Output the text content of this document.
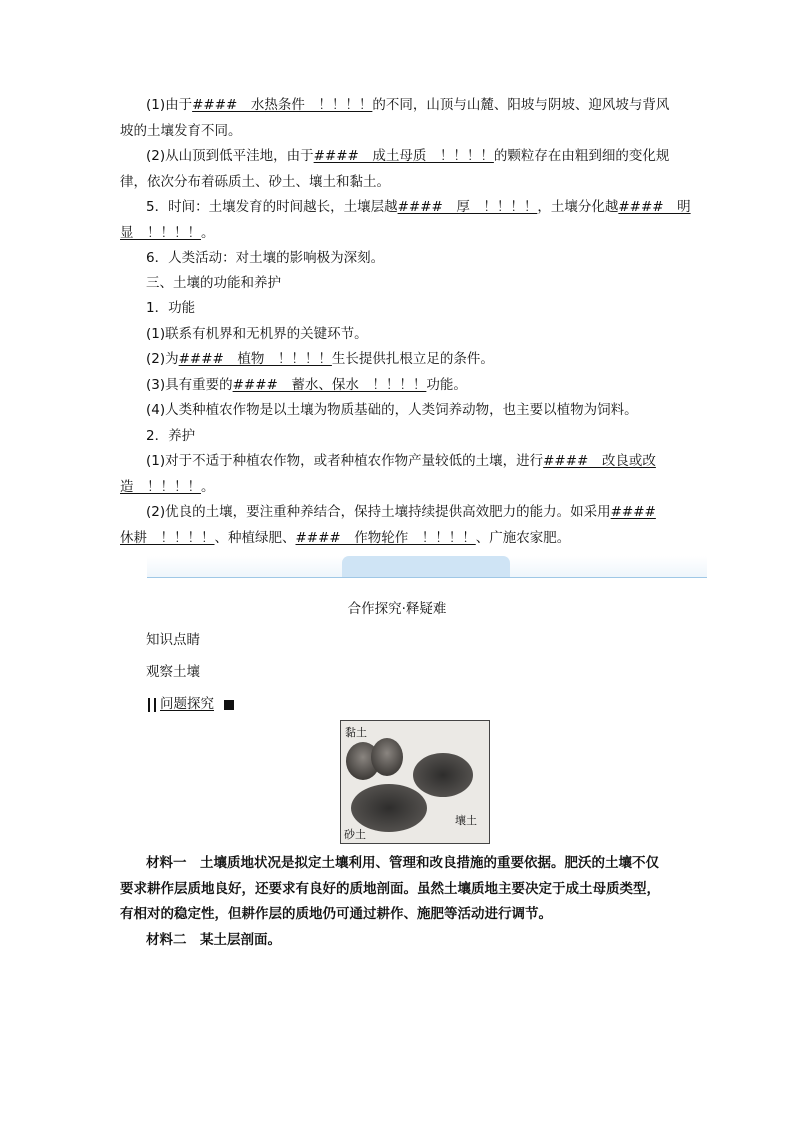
(1)由于####　水热条件　！！！！的不同，山顶与山麓、阳坡与阴坡、迎风坡与背风
坡的土壤发育不同。
(2)从山顶到低平洼地，由于####　成土母质　！！！！的颗粒存在由粗到细的变化规
律，依次分布着砾质土、砂土、壤土和黏土。
5．时间：土壤发育的时间越长，土壤层越####　厚　！！！！，土壤分化越####　明
显　！！！！。
6．人类活动：对土壤的影响极为深刻。
三、土壤的功能和养护
1．功能
(1)联系有机界和无机界的关键环节。
(2)为####　植物　！！！！生长提供扎根立足的条件。
(3)具有重要的####　蓄水、保水　！！！！功能。
(4)人类种植农作物是以土壤为物质基础的，人类饲养动物，也主要以植物为饲料。
2．养护
(1)对于不适于种植农作物，或者种植农作物产量较低的土壤，进行####　改良或改
造　！！！！。
(2)优良的土壤，要注重种养结合，保持土壤持续提供高效肥力的能力。如采用####
休耕　！！！！、种植绿肥、####　作物轮作　！！！！、广施农家肥。
合作探究·释疑难
知识点睛
观察土壤
问题探究
黏土
壤土
砂土
材料一　 土壤质地状况是拟定土壤利用、管理和改良措施的重要依据。肥沃的土壤不仅
要求耕作层质地良好，还要求有良好的质地剖面。虽然土壤质地主要决定于成土母质类型，
有相对的稳定性，但耕作层的质地仍可通过耕作、施肥等活动进行调节。
材料二　 某土层剖面。
